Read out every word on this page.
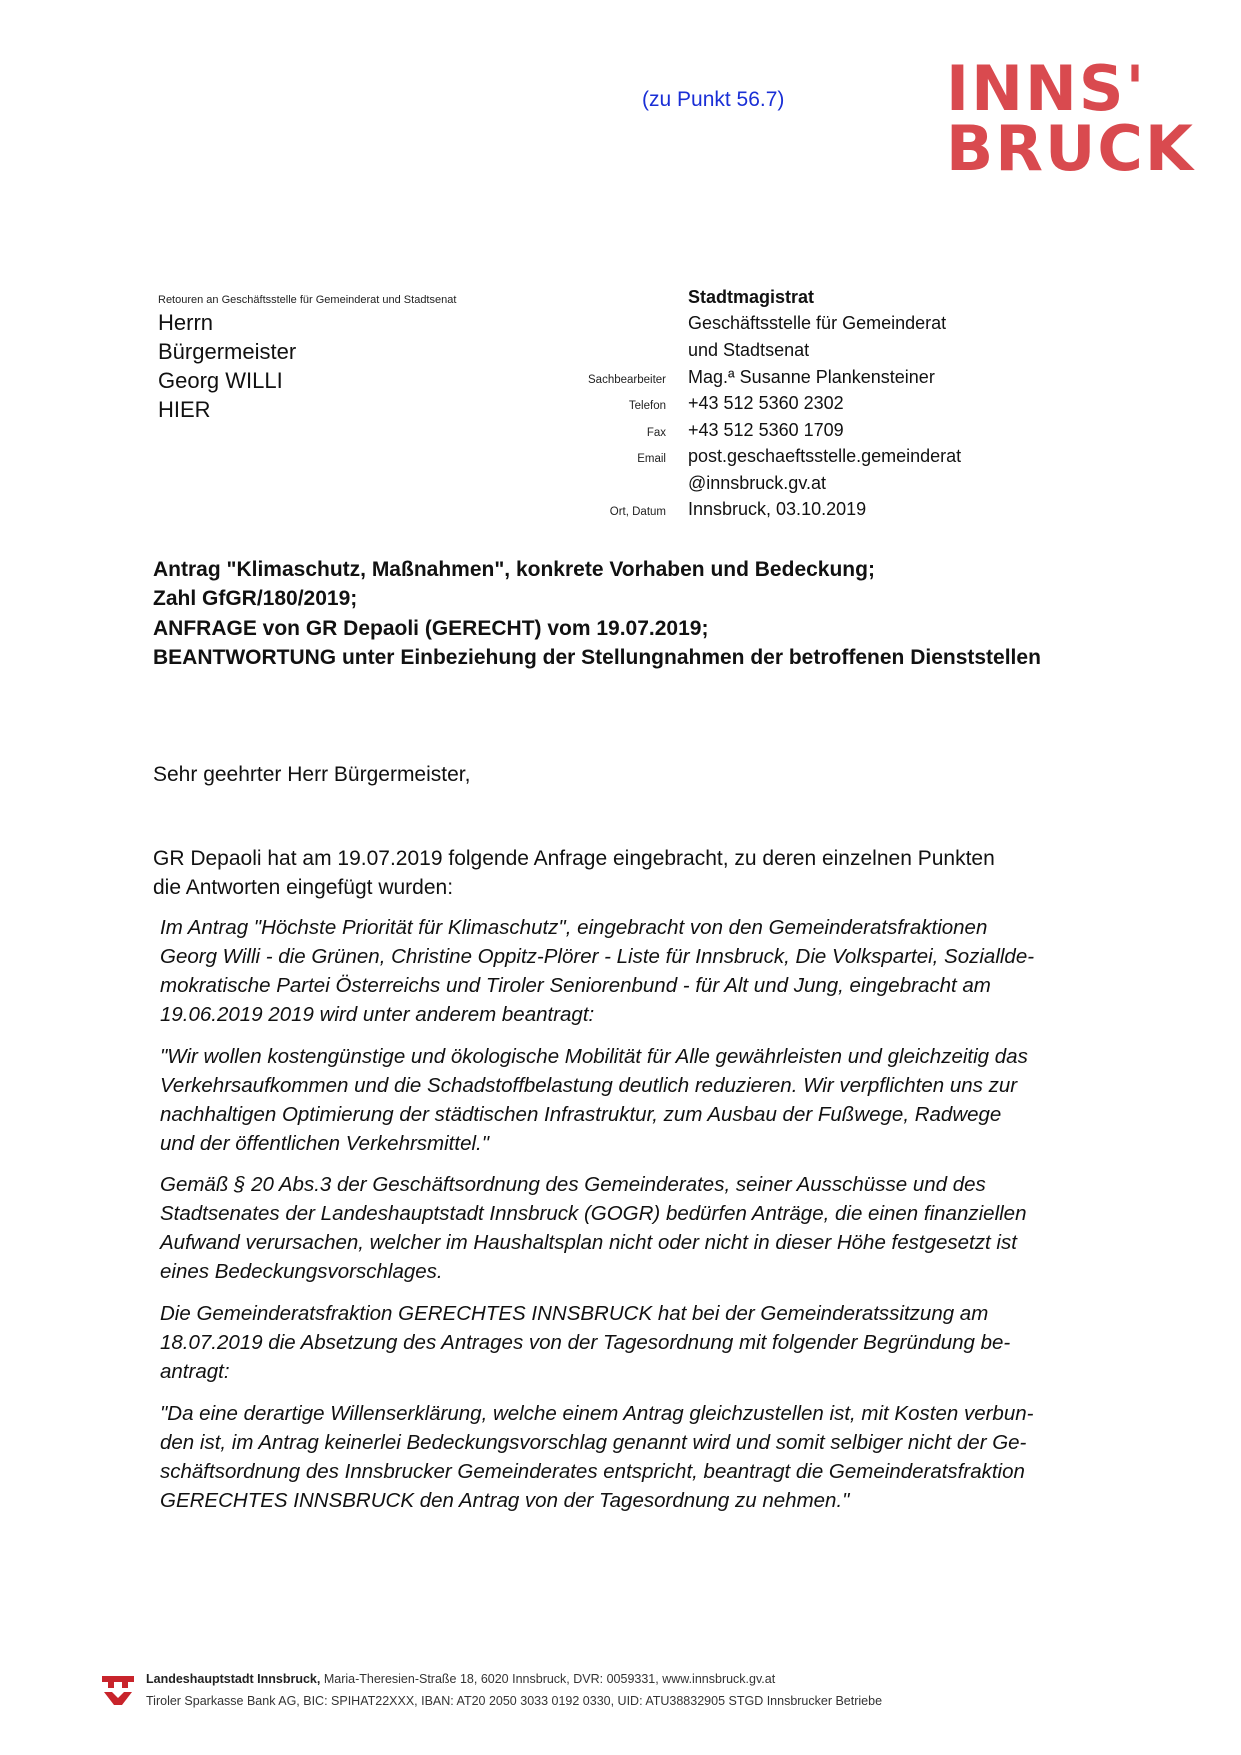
(zu Punkt 56.7)	INNS'
BRUCK
Retouren an Geschäftsstelle für Gemeinderat und Stadtsenat
Herrn
Bürgermeister
Georg WILLI
HIER
Stadtmagistrat
Geschäftsstelle für Gemeinderat
und Stadtsenat
Sachbearbeiter Mag.ª Susanne Plankensteiner
Telefon +43 512 5360 2302
Fax +43 512 5360 1709
Email post.geschaeftsstelle.gemeinderat
@innsbruck.gv.at
Ort, Datum Innsbruck, 03.10.2019
Antrag "Klimaschutz, Maßnahmen", konkrete Vorhaben und Bedeckung;
Zahl GfGR/180/2019;
ANFRAGE von GR Depaoli (GERECHT) vom 19.07.2019;
BEANTWORTUNG unter Einbeziehung der Stellungnahmen der betroffenen Dienststellen
Sehr geehrter Herr Bürgermeister,
GR Depaoli hat am 19.07.2019 folgende Anfrage eingebracht, zu deren einzelnen Punkten
die Antworten eingefügt wurden:
Im Antrag "Höchste Priorität für Klimaschutz", eingebracht von den Gemeinderatsfraktionen
Georg Willi - die Grünen, Christine Oppitz-Plörer - Liste für Innsbruck, Die Volkspartei, Soziallde-
mokratische Partei Österreichs und Tiroler Seniorenbund - für Alt und Jung, eingebracht am
19.06.2019 2019 wird unter anderem beantragt:
"Wir wollen kostengünstige und ökologische Mobilität für Alle gewährleisten und gleichzeitig das
Verkehrsaufkommen und die Schadstoffbelastung deutlich reduzieren. Wir verpflichten uns zur
nachhaltigen Optimierung der städtischen Infrastruktur, zum Ausbau der Fußwege, Radwege
und der öffentlichen Verkehrsmittel."
Gemäß § 20 Abs.3 der Geschäftsordnung des Gemeinderates, seiner Ausschüsse und des
Stadtsenates der Landeshauptstadt Innsbruck (GOGR) bedürfen Anträge, die einen finanziellen
Aufwand verursachen, welcher im Haushaltsplan nicht oder nicht in dieser Höhe festgesetzt ist
eines Bedeckungsvorschlages.
Die Gemeinderatsfraktion GERECHTES INNSBRUCK hat bei der Gemeinderatssitzung am
18.07.2019 die Absetzung des Antrages von der Tagesordnung mit folgender Begründung be-
antragt:
"Da eine derartige Willenserklärung, welche einem Antrag gleichzustellen ist, mit Kosten verbun-
den ist, im Antrag keinerlei Bedeckungsvorschlag genannt wird und somit selbiger nicht der Ge-
schäftsordnung des Innsbrucker Gemeinderates entspricht, beantragt die Gemeinderatsfraktion
GERECHTES INNSBRUCK den Antrag von der Tagesordnung zu nehmen."
Landeshauptstadt Innsbruck, Maria-Theresien-Straße 18, 6020 Innsbruck, DVR: 0059331, www.innsbruck.gv.at
Tiroler Sparkasse Bank AG, BIC: SPIHAT22XXX, IBAN: AT20 2050 3033 0192 0330, UID: ATU38832905 STGD Innsbrucker Betriebe
